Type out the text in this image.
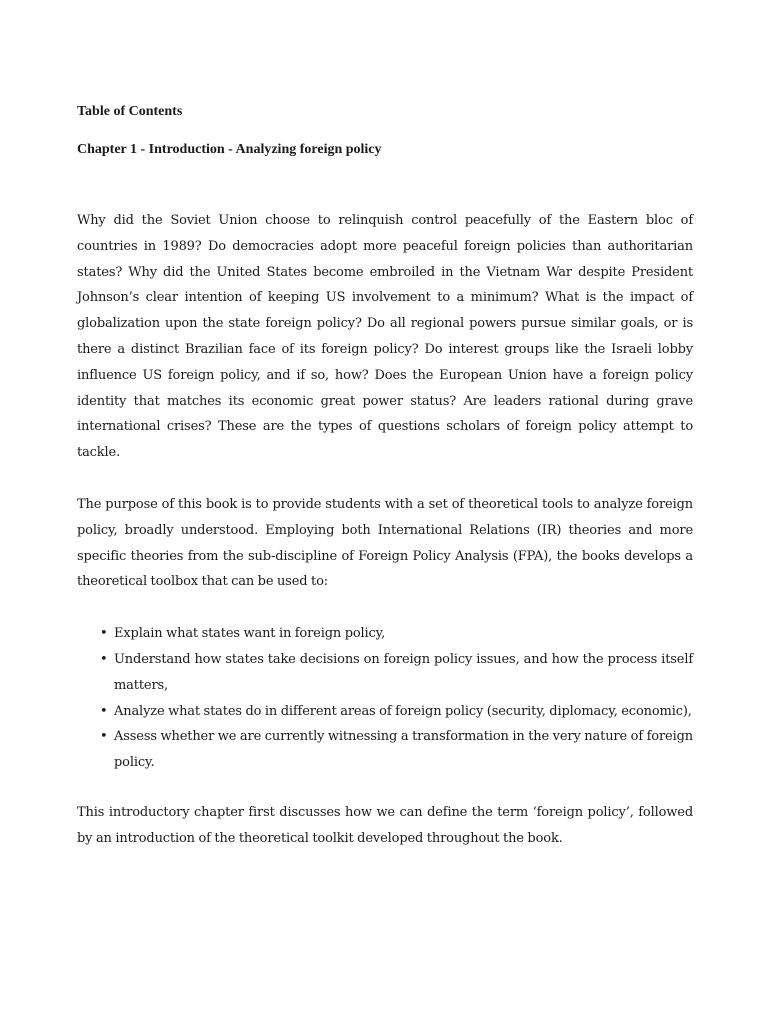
Table of Contents

Chapter 1 - Introduction - Analyzing foreign policy

Why did the Soviet Union choose to relinquish control peacefully of the Eastern bloc of countries in 1989? Do democracies adopt more peaceful foreign policies than authoritarian states? Why did the United States become embroiled in the Vietnam War despite President Johnson’s clear intention of keeping US involvement to a minimum? What is the impact of globalization upon the state foreign policy? Do all regional powers pursue similar goals, or is there a distinct Brazilian face of its foreign policy? Do interest groups like the Israeli lobby influence US foreign policy, and if so, how? Does the European Union have a foreign policy identity that matches its economic great power status? Are leaders rational during grave international crises? These are the types of questions scholars of foreign policy attempt to tackle.

The purpose of this book is to provide students with a set of theoretical tools to analyze foreign policy, broadly understood. Employing both International Relations (IR) theories and more specific theories from the sub-discipline of Foreign Policy Analysis (FPA), the books develops a theoretical toolbox that can be used to:

• Explain what states want in foreign policy,
• Understand how states take decisions on foreign policy issues, and how the process itself matters,
• Analyze what states do in different areas of foreign policy (security, diplomacy, economic),
• Assess whether we are currently witnessing a transformation in the very nature of foreign policy.

This introductory chapter first discusses how we can define the term ‘foreign policy’, followed by an introduction of the theoretical toolkit developed throughout the book.
